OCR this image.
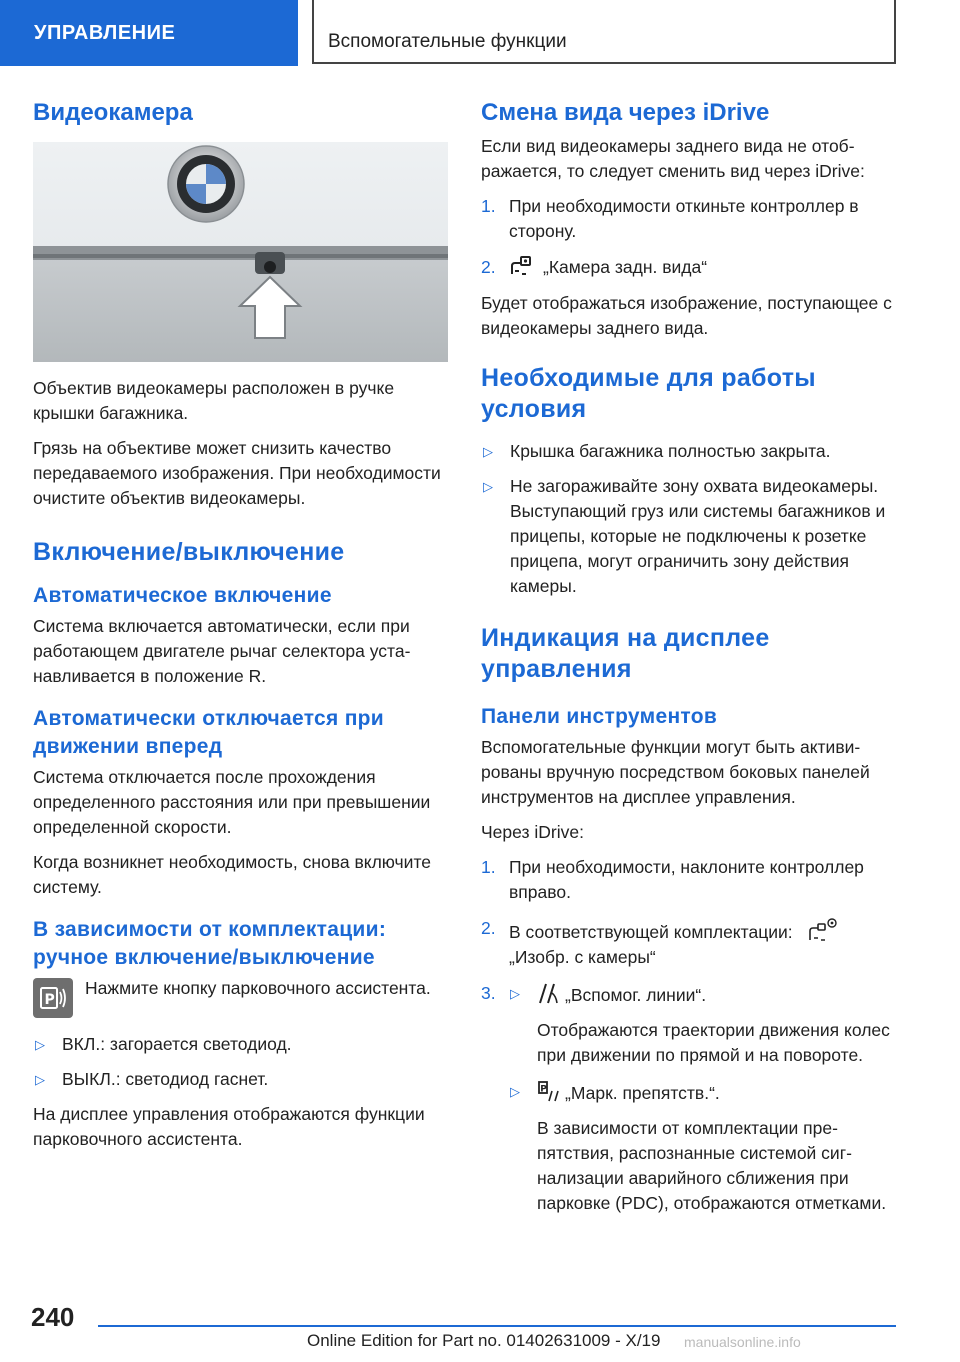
УПРАВЛЕНИЕ	Вспомогательные функции
Видеокамера

Объектив видеокамеры расположен в ручке крышки багажника.

Грязь на объективе может снизить качество передаваемого изображения. При необходимости очистите объектив видеокамеры.

Включение/выключение
Автоматическое включение

Система включается автоматически, если при работающем двигателе рычаг селектора устанавливается в положение R.

Автоматически отключается при движении вперед

Система отключается после прохождения определенного расстояния или при превышении определенной скорости.

Когда возникнет необходимость, снова включите систему.

В зависимости от комплектации: ручное включение/выключение
P
Нажмите кнопку парковочного ассистента.
▷ ВКЛ.: загорается светодиод.
▷ ВЫКЛ.: светодиод гаснет.

На дисплее управления отображаются функции парковочного ассистента.

Смена вида через iDrive

Если вид видеокамеры заднего вида не отображается, то следует сменить вид через iDrive:

1. При необходимости откиньте контроллер в сторону.
2.	„Камера задн. вида“

Будет отображаться изображение, поступающее с видеокамеры заднего вида.

Необходимые для работы условия
▷ Крышка багажника полностью закрыта.
▷ Не загораживайте зону охвата видеокамеры. Выступающий груз или системы багажников и прицепы, которые не подключены к розетке прицепа, могут ограничить зону действия камеры.
Индикация на дисплее управления
Панели инструментов

Вспомогательные функции могут быть активированы вручную посредством боковых панелей инструментов на дисплее управления.

Через iDrive:

1. При необходимости, наклоните контроллер вправо.
2. В соответствующей комплектации:
„Изобр. с камеры“
3. ▷	„Вспомог. линии“.

Отображаются траектории движения колес при движении по прямой и на повороте.

▷ P „Марк. препятств.“.

В зависимости от комплектации препятствия, распознанные системой сигнализации аварийного сближения при парковке (PDC), отображаются отметками.

240
Online Edition for Part no. 01402631009 - X/19 manualsonline.info
